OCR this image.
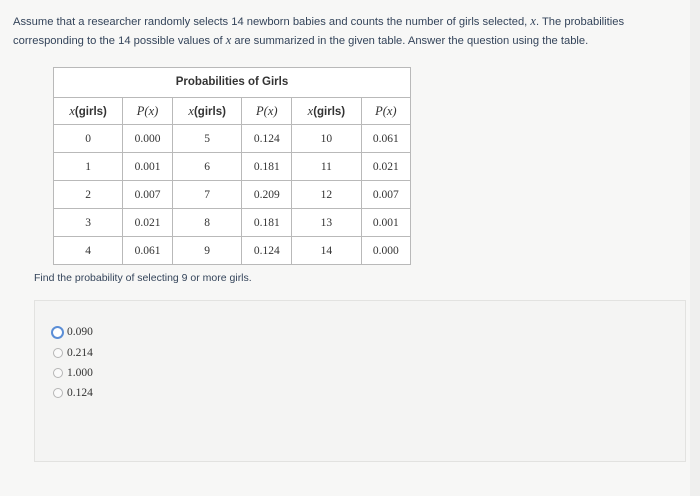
Assume that a researcher randomly selects 14 newborn babies and counts the number of girls selected, x. The probabilities corresponding to the 14 possible values of x are summarized in the given table. Answer the question using the table.
Probabilities of Girls
x(girls)	P(x)	x(girls)	P(x)	x(girls)	P(x)
0	0.000	5	0.124	10	0.061
1	0.001	6	0.181	11	0.021
2	0.007	7	0.209	12	0.007
3	0.021	8	0.181	13	0.001
4	0.061	9	0.124	14	0.000
Find the probability of selecting 9 or more girls.
0.090
0.214
1.000
0.124
